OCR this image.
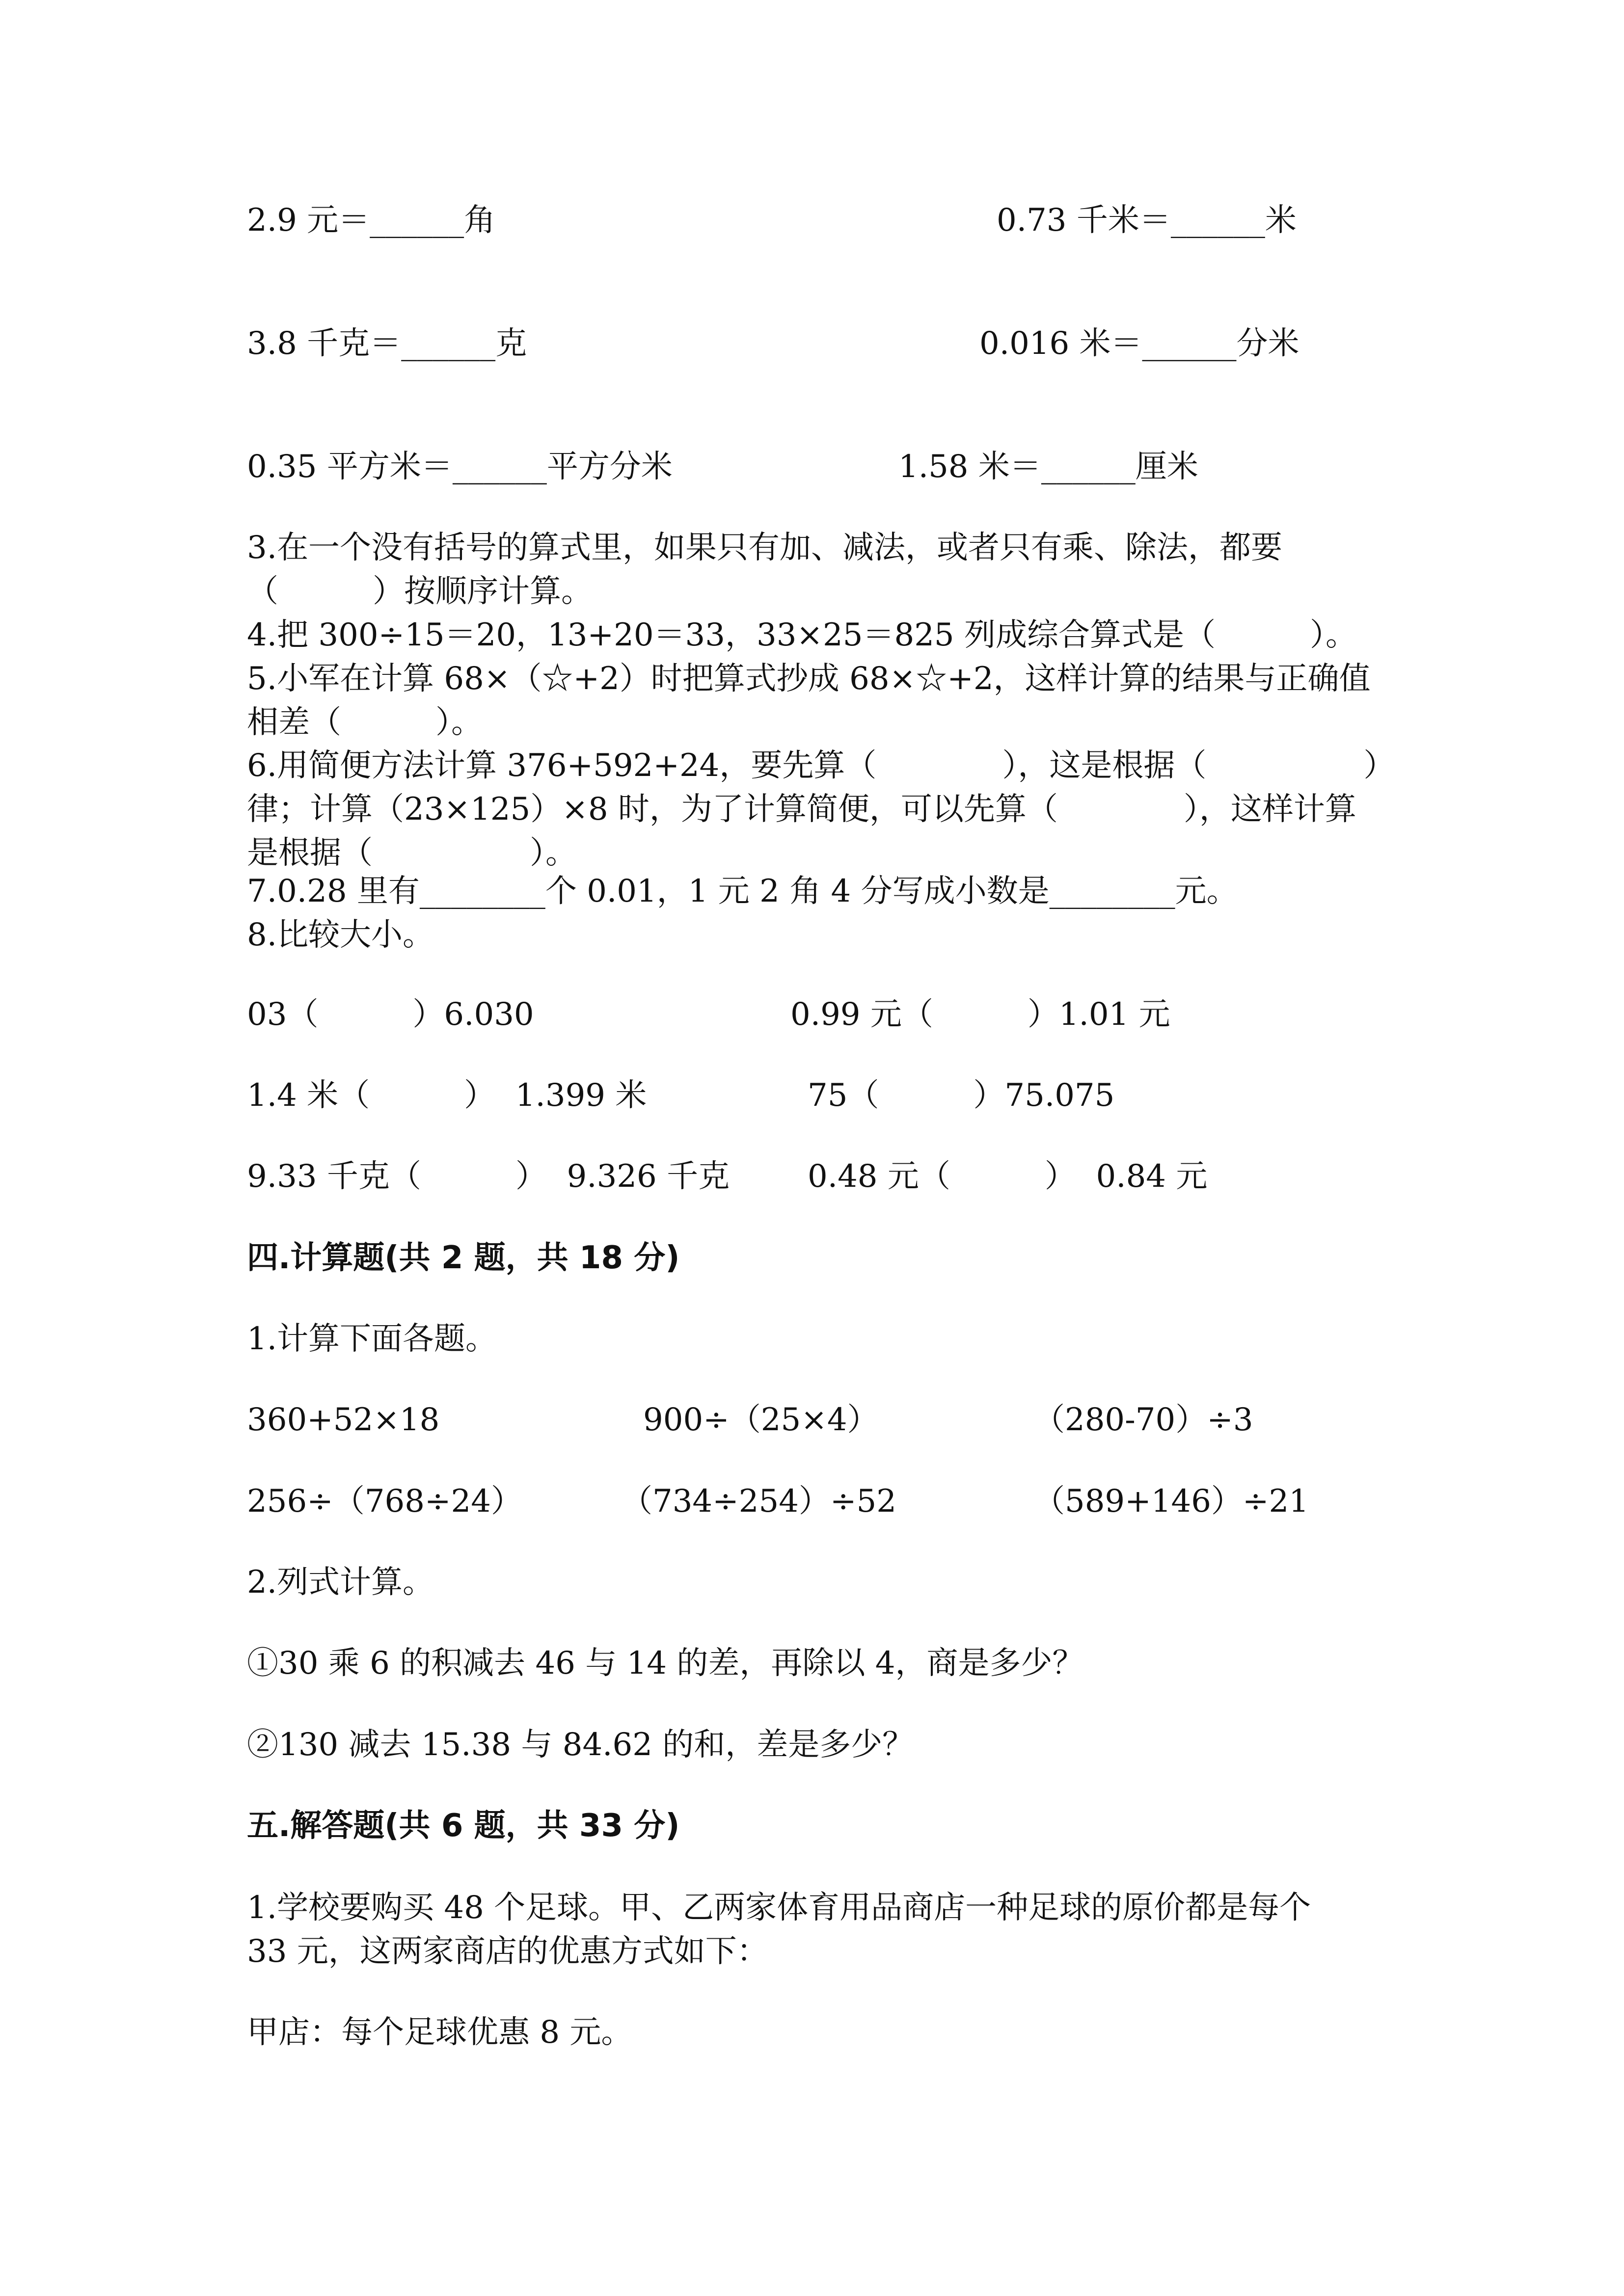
2.9 元＝______角	0.73 千米＝______米
3.8 千克＝______克	0.016 米＝______分米
0.35 平方米＝______平方分米	1.58 米＝______厘米
3.在一个没有括号的算式里，如果只有加、减法，或者只有乘、除法，都要
（　　　）按顺序计算。
4.把 300÷15＝20，13+20＝33，33×25＝825 列成综合算式是（　　　）。
5.小军在计算 68×（☆+2）时把算式抄成 68×☆+2，这样计算的结果与正确值
相差（　　　）。
6.用简便方法计算 376+592+24，要先算（　　　　），这是根据（　　　　　）
律；计算（23×125）×8 时，为了计算简便，可以先算（　　　　），这样计算
是根据（　　　　　）。
7.0.28 里有________个 0.01，1 元 2 角 4 分写成小数是________元。
8.比较大小。
03（　　　）6.030	0.99 元（　　　）1.01 元
1.4 米（　　　）  1.399 米	75（　　　）75.075
9.33 千克（　　　）  9.326 千克 0.48 元（　　　）  0.84 元
四.计算题(共 2 题，共 18 分)
1.计算下面各题。
360+52×18	900÷（25×4）	（280-70）÷3
256÷（768÷24）	（734÷254）÷52	（589+146）÷21
2.列式计算。
①30 乘 6 的积减去 46 与 14 的差，再除以 4，商是多少？
②130 减去 15.38 与 84.62 的和，差是多少？
五.解答题(共 6 题，共 33 分)
1.学校要购买 48 个足球。甲、乙两家体育用品商店一种足球的原价都是每个
33 元，这两家商店的优惠方式如下：
甲店：每个足球优惠 8 元。
